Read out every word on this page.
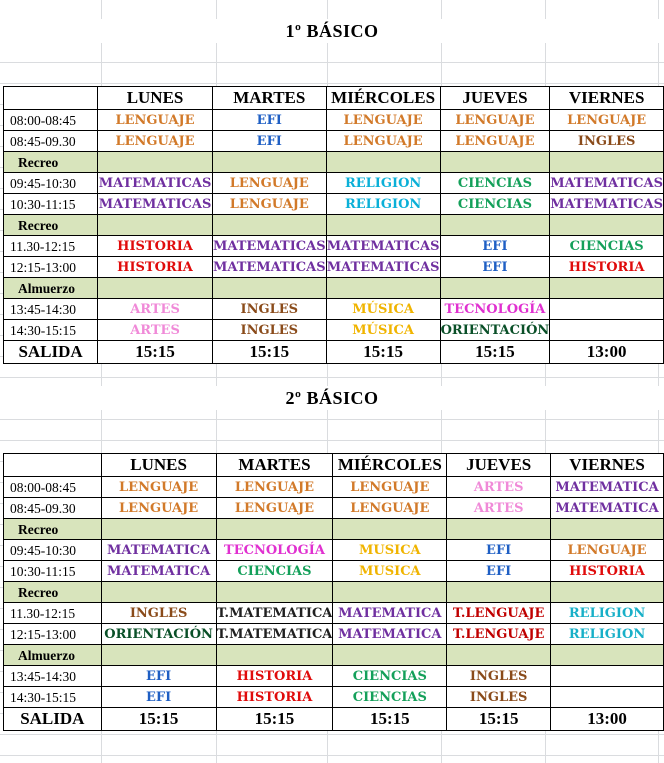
1º BÁSICO
	LUNES	MARTES	MIÉRCOLES	JUEVES	VIERNES
08:00-08:45	LENGUAJE	EFI	LENGUAJE	LENGUAJE	LENGUAJE
08:45-09.30	LENGUAJE	EFI	LENGUAJE	LENGUAJE	INGLES
Recreo					
09:45-10:30	MATEMATICAS	LENGUAJE	RELIGION	CIENCIAS	MATEMATICAS
10:30-11:15	MATEMATICAS	LENGUAJE	RELIGION	CIENCIAS	MATEMATICAS
Recreo					
11.30-12:15	HISTORIA	MATEMATICAS	MATEMATICAS	EFI	CIENCIAS
12:15-13:00	HISTORIA	MATEMATICAS	MATEMATICAS	EFI	HISTORIA
Almuerzo					
13:45-14:30	ARTES	INGLES	MÚSICA	TECNOLOGÍA	
14:30-15:15	ARTES	INGLES	MÚSICA	ORIENTACIÓN	
SALIDA	15:15	15:15	15:15	15:15	13:00
2º BÁSICO
	LUNES	MARTES	MIÉRCOLES	JUEVES	VIERNES
08:00-08:45	LENGUAJE	LENGUAJE	LENGUAJE	ARTES	MATEMATICA
08:45-09.30	LENGUAJE	LENGUAJE	LENGUAJE	ARTES	MATEMATICA
Recreo					
09:45-10:30	MATEMATICA	TECNOLOGÍA	MUSICA	EFI	LENGUAJE
10:30-11:15	MATEMATICA	CIENCIAS	MUSICA	EFI	HISTORIA
Recreo					
11.30-12:15	INGLES	T.MATEMATICA	MATEMATICA	T.LENGUAJE	RELIGION
12:15-13:00	ORIENTACIÓN	T.MATEMATICA	MATEMATICA	T.LENGUAJE	RELIGION
Almuerzo					
13:45-14:30	EFI	HISTORIA	CIENCIAS	INGLES	
14:30-15:15	EFI	HISTORIA	CIENCIAS	INGLES	
SALIDA	15:15	15:15	15:15	15:15	13:00
